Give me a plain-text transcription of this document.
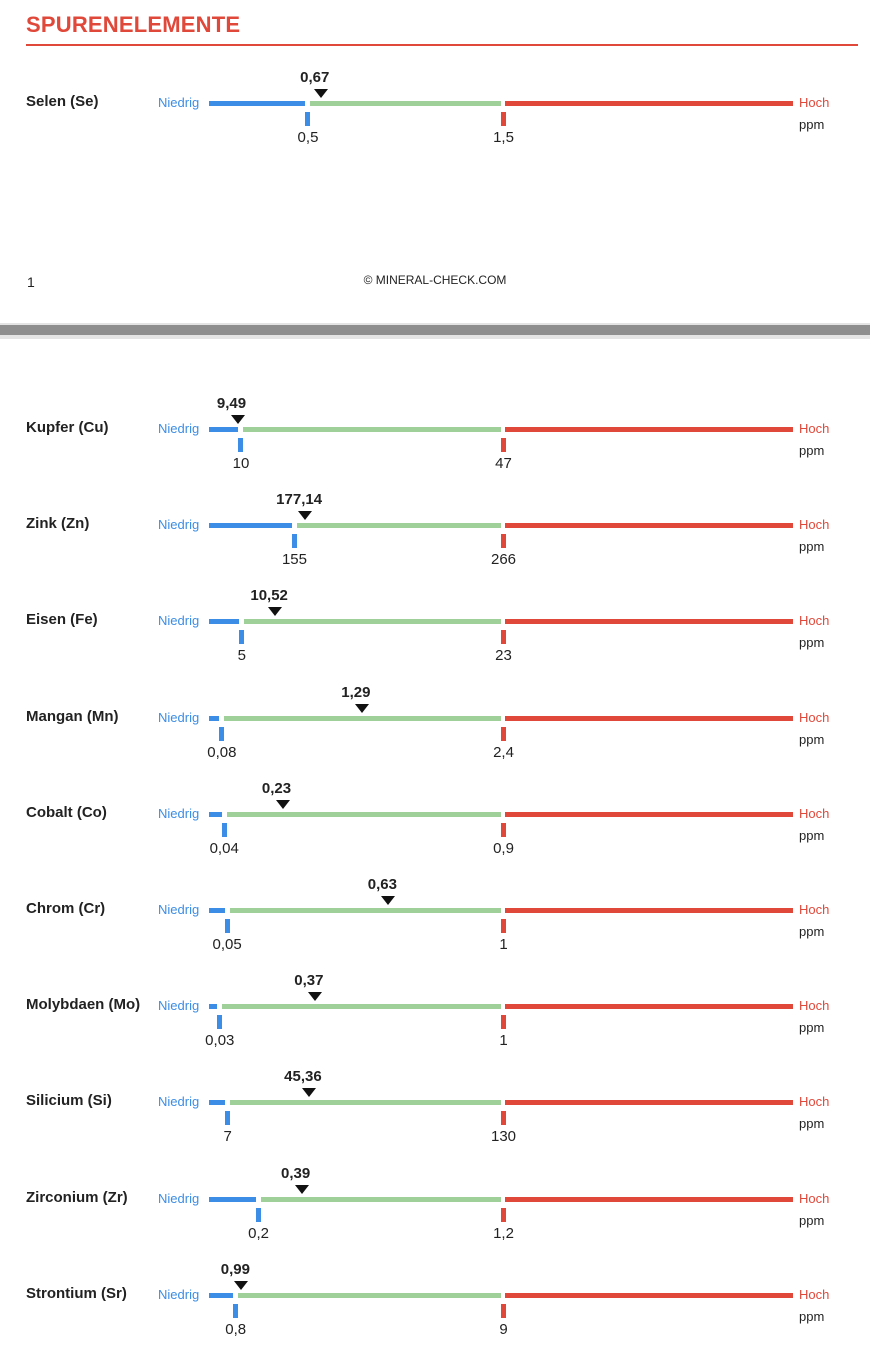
SPURENELEMENTE
Selen (Se)	Niedrig
0,5	1,5
0,67
Hoch
ppm
Kupfer (Cu)	Niedrig
10	47
9,49
Hoch
ppm
Zink (Zn)	Niedrig
155	266
177,14
Hoch
ppm
Eisen (Fe)	Niedrig
5	23
10,52
Hoch
ppm
Mangan (Mn)	Niedrig
0,08	2,4
1,29
Hoch
ppm
Cobalt (Co)	Niedrig
0,04	0,9
0,23
Hoch
ppm
Chrom (Cr)	Niedrig
0,05	1
0,63
Hoch
ppm
Molybdaen (Mo) Niedrig
0,03	1
0,37
Hoch
ppm
Silicium (Si)	Niedrig
7	130
45,36
Hoch
ppm
Zirconium (Zr) Niedrig
0,2	1,2
0,39
Hoch
ppm
Strontium (Sr) Niedrig
0,8	9
0,99
Hoch
ppm
1	© MINERAL-CHECK.COM
